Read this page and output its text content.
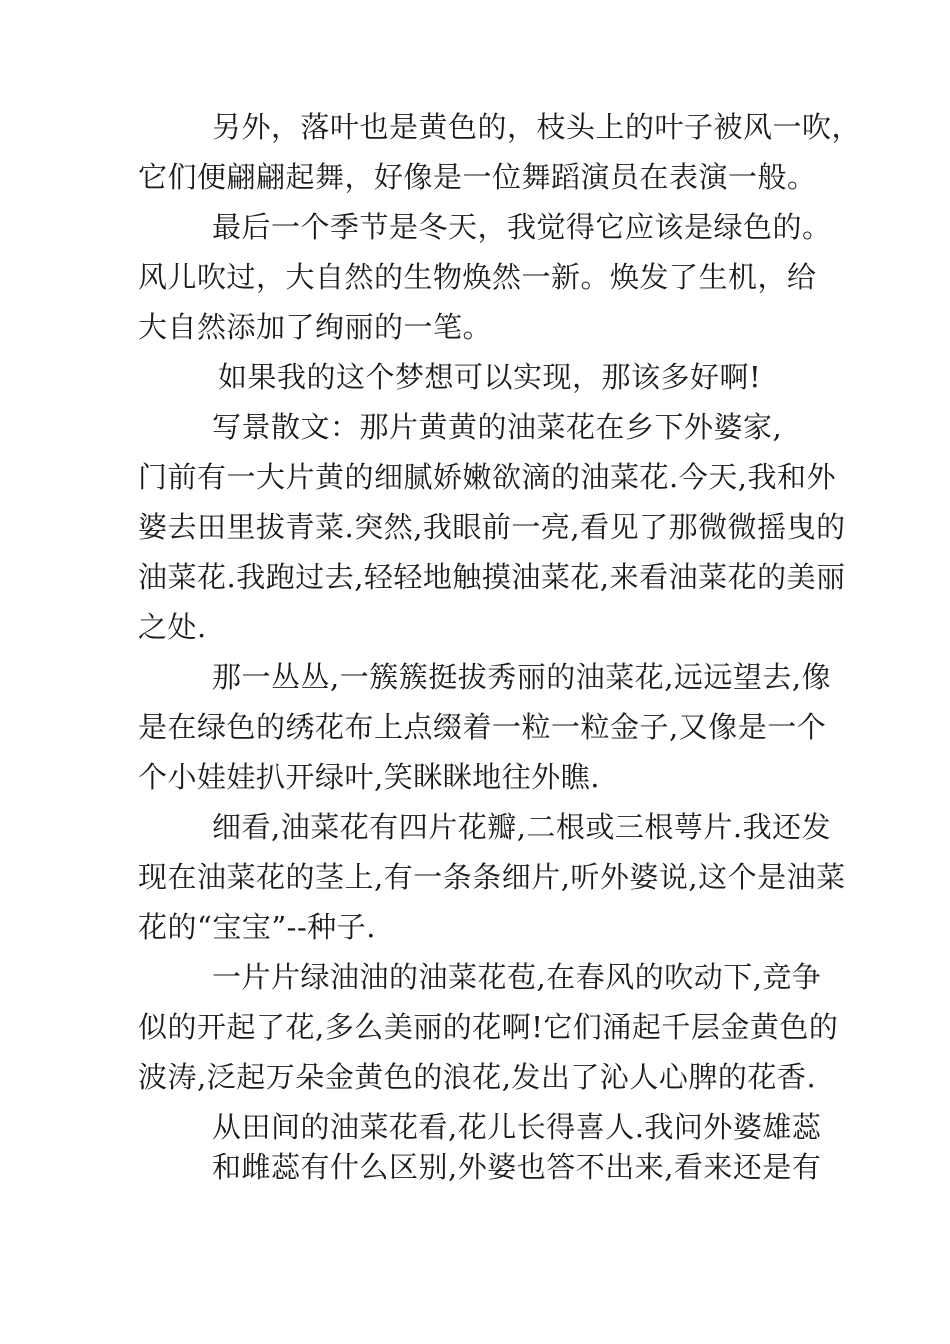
另外，落叶也是黄色的，枝头上的叶子被风一吹，
它们便翩翩起舞，好像是一位舞蹈演员在表演一般。
最后一个季节是冬天，我觉得它应该是绿色的。
风儿吹过，大自然的生物焕然一新。焕发了生机，给
大自然添加了绚丽的一笔。
如果我的这个梦想可以实现，那该多好啊!
写景散文：那片黄黄的油菜花在乡下外婆家,
门前有一大片黄的细腻娇嫩欲滴的油菜花.今天,我和外
婆去田里拔青菜.突然,我眼前一亮,看见了那微微摇曳的
油菜花.我跑过去,轻轻地触摸油菜花,来看油菜花的美丽
之处.
那一丛丛,一簇簇挺拔秀丽的油菜花,远远望去,像
是在绿色的绣花布上点缀着一粒一粒金子,又像是一个
个小娃娃扒开绿叶,笑眯眯地往外瞧.
细看,油菜花有四片花瓣,二根或三根萼片.我还发
现在油菜花的茎上,有一条条细片,听外婆说,这个是油菜
花的“宝宝”--种子.
一片片绿油油的油菜花苞,在春风的吹动下,竞争
似的开起了花,多么美丽的花啊!它们涌起千层金黄色的
波涛,泛起万朵金黄色的浪花,发出了沁人心脾的花香.
从田间的油菜花看,花儿长得喜人.我问外婆雄蕊
和雌蕊有什么区别,外婆也答不出来,看来还是有
